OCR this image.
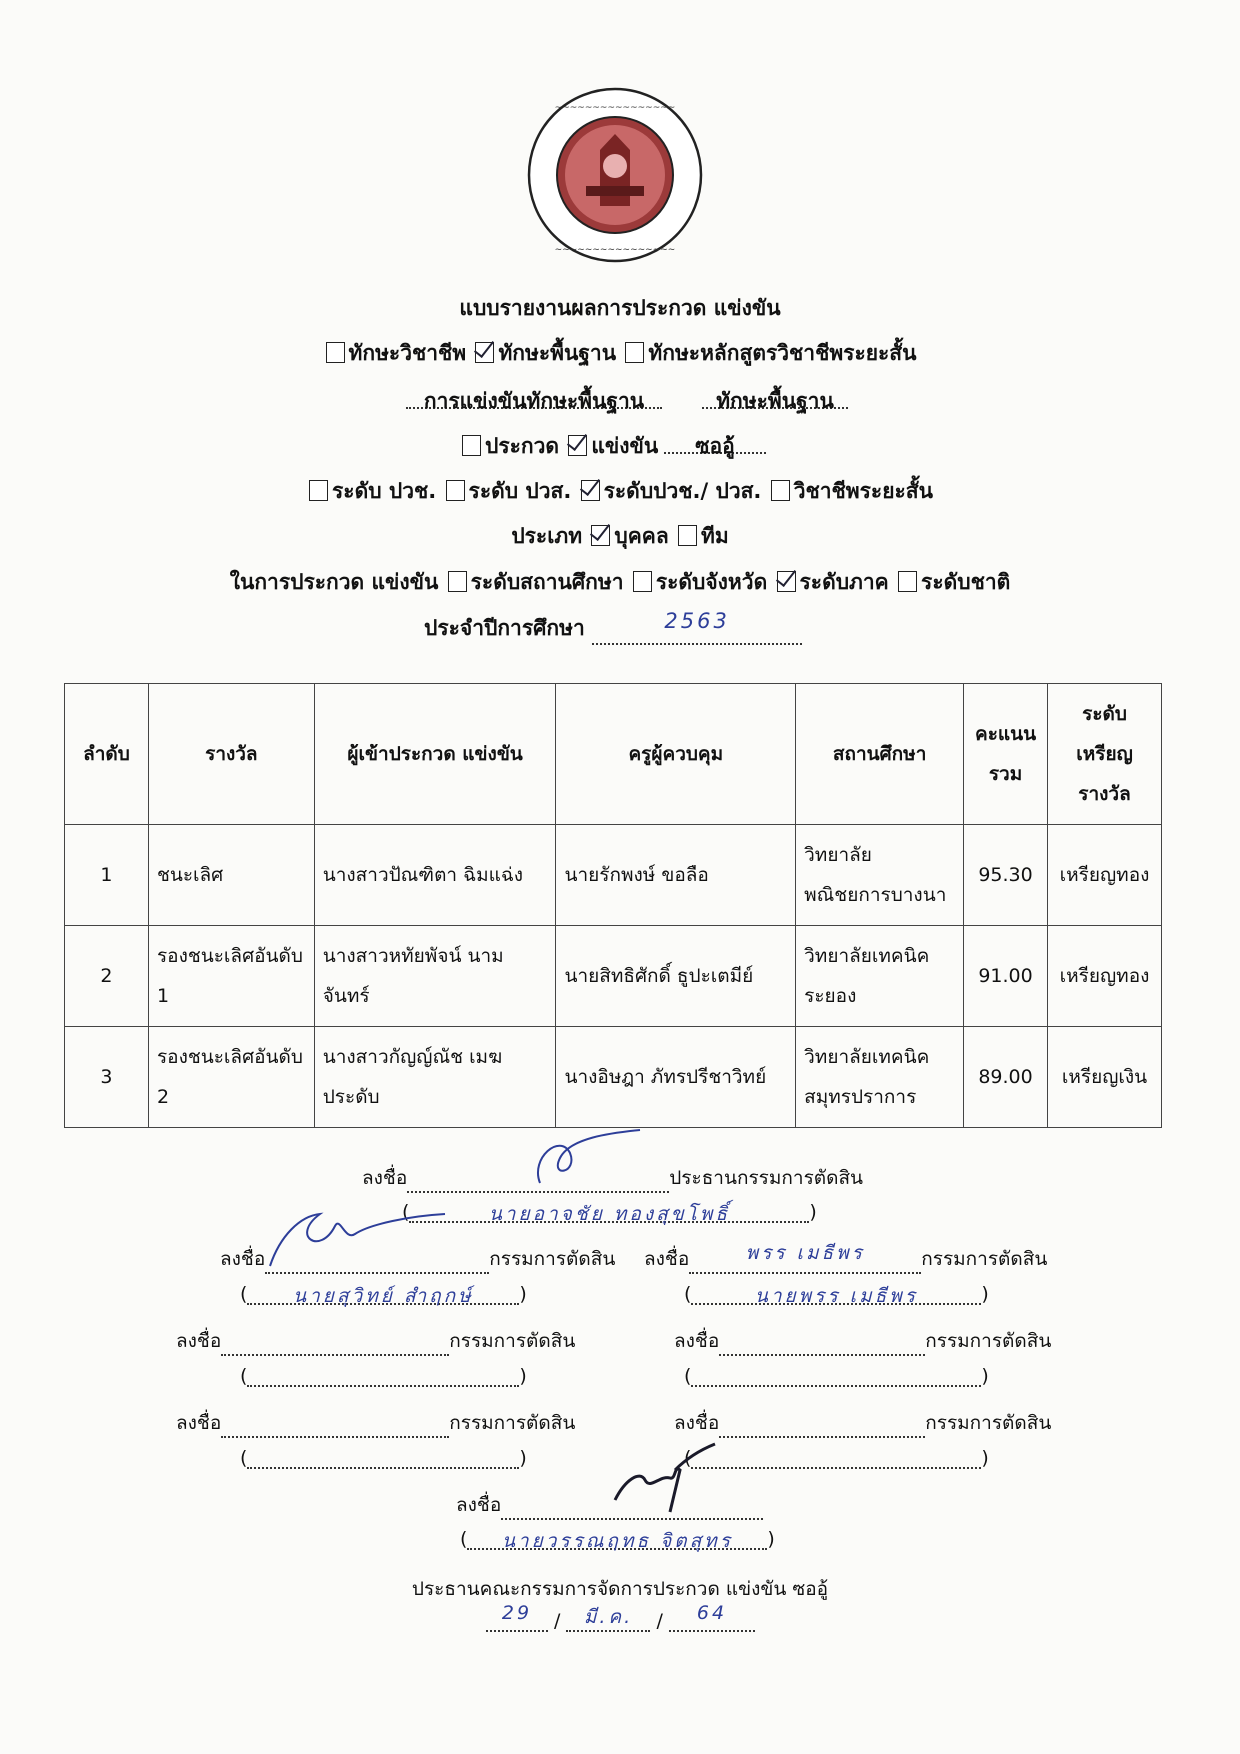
~~~~~~~~~~~~~~~~
~~~~~~~~~~~~~~~~
แบบรายงานผลการประกวด แข่งขัน
ทักษะวิชาชีพ ทักษะพื้นฐาน ทักษะหลักสูตรวิชาชีพระยะสั้น
การแข่งขันทักษะพื้นฐาน	ทักษะพื้นฐาน
ประกวด แข่งขัน	ซออู้
ระดับ ปวช. ระดับ ปวส. ระดับปวช./ ปวส. วิชาชีพระยะสั้น
ประเภท บุคคล ทีม
ในการประกวด แข่งขัน ระดับสถานศึกษา ระดับจังหวัด ระดับภาค ระดับชาติ
ประจำปีการศึกษา	2563
ลำดับ	รางวัล	ผู้เข้าประกวด แข่งขัน	ครูผู้ควบคุม	สถานศึกษา	คะแนน รวม	ระดับ เหรียญ รางวัล
1	ชนะเลิศ	นางสาวปัณฑิตา ฉิมแฉ่ง	นายรักพงษ์ ขอลือ	วิทยาลัยพณิชยการบางนา	95.30	เหรียญทอง
2	รองชนะเลิศอันดับ 1	นางสาวหทัยพัจน์ นามจันทร์	นายสิทธิศักดิ์ ธูปะเตมีย์	วิทยาลัยเทคนิคระยอง	91.00	เหรียญทอง
3	รองชนะเลิศอันดับ 2	นางสาวกัญญ์ณัช เมฆประดับ	นางอิษฎา ภัทรปรีชาวิทย์	วิทยาลัยเทคนิคสมุทรปราการ	89.00	เหรียญเงิน
ลงชื่อ	ประธานกรรมการตัดสิน
(	นายอาจชัย ทองสุขโพธิ์	)
ลงชื่อ	กรรมการตัดสิน
( นายสุวิทย์ สำฤกษ์ )
ลงชื่อ	พรร เมธีพร	กรรมการตัดสิน
(	นายพรร เมธีพร	)
ลงชื่อ	กรรมการตัดสิน
(	)
ลงชื่อ	กรรมการตัดสิน
(	)
ลงชื่อ	กรรมการตัดสิน
(	)
ลงชื่อ	กรรมการตัดสิน
(	)
ลงชื่อ
( นายวรรณฤทธ จิตสุทร )
ประธานคณะกรรมการจัดการประกวด แข่งขัน ซออู้
29 / มี.ค. / 64
